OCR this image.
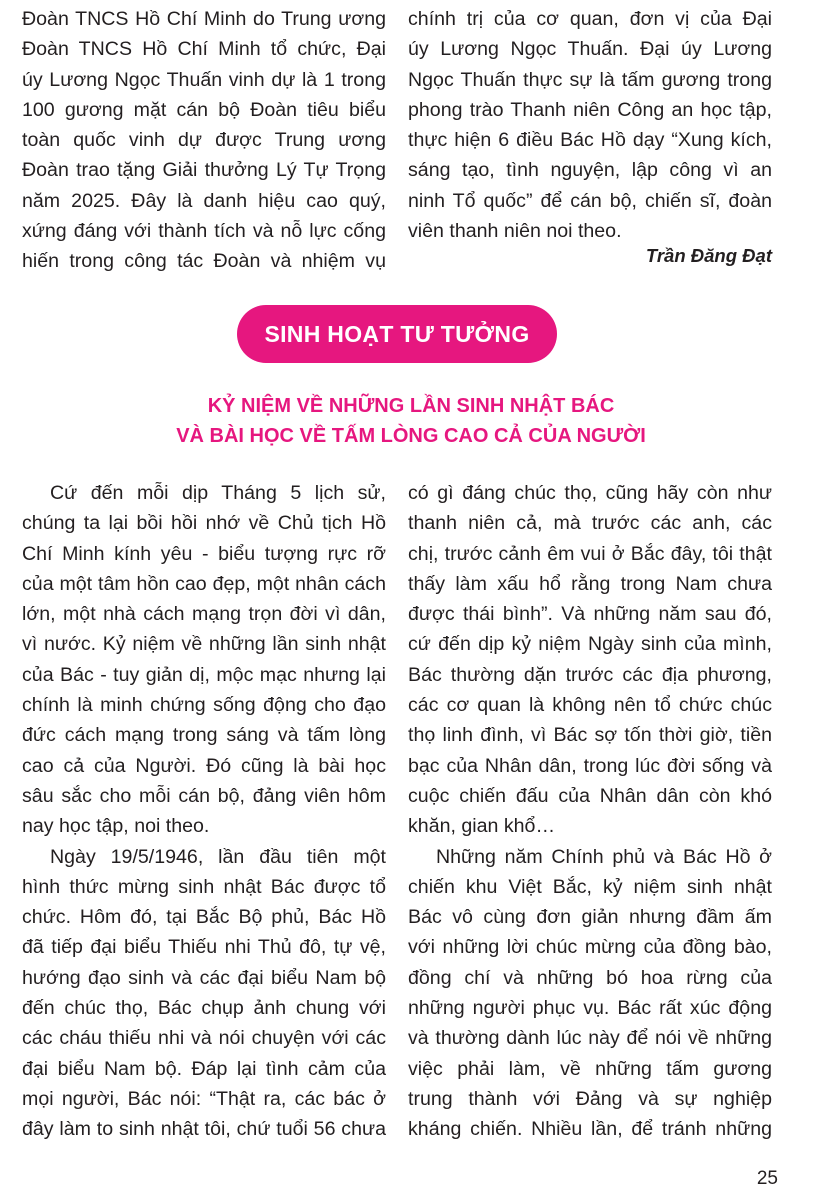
Đoàn TNCS Hồ Chí Minh do Trung ương

Đoàn TNCS Hồ Chí Minh tổ chức, Đại

úy Lương Ngọc Thuấn vinh dự là 1 trong

100 gương mặt cán bộ Đoàn tiêu biểu

toàn quốc vinh dự được Trung ương

Đoàn trao tặng Giải thưởng Lý Tự Trọng

năm 2025. Đây là danh hiệu cao quý,

xứng đáng với thành tích và nỗ lực cống

hiến trong công tác Đoàn và nhiệm vụ

chính trị của cơ quan, đơn vị của Đại

úy Lương Ngọc Thuấn. Đại úy Lương

Ngọc Thuấn thực sự là tấm gương trong

phong trào Thanh niên Công an học tập,

thực hiện 6 điều Bác Hồ dạy “Xung kích,

sáng tạo, tình nguyện, lập công vì an

ninh Tổ quốc” để cán bộ, chiến sĩ, đoàn

viên thanh niên noi theo.

Trần Đăng Đạt
SINH HOẠT TƯ TƯỞNG
KỶ NIỆM VỀ NHỮNG LẦN SINH NHẬT BÁC
VÀ BÀI HỌC VỀ TẤM LÒNG CAO CẢ CỦA NGƯỜI

Cứ đến mỗi dịp Tháng 5 lịch sử,

chúng ta lại bồi hồi nhớ về Chủ tịch Hồ

Chí Minh kính yêu - biểu tượng rực rỡ

của một tâm hồn cao đẹp, một nhân cách

lớn, một nhà cách mạng trọn đời vì dân,

vì nước. Kỷ niệm về những lần sinh nhật

của Bác - tuy giản dị, mộc mạc nhưng lại

chính là minh chứng sống động cho đạo

đức cách mạng trong sáng và tấm lòng

cao cả của Người. Đó cũng là bài học

sâu sắc cho mỗi cán bộ, đảng viên hôm

nay học tập, noi theo.

Ngày 19/5/1946, lần đầu tiên một

hình thức mừng sinh nhật Bác được tổ

chức. Hôm đó, tại Bắc Bộ phủ, Bác Hồ

đã tiếp đại biểu Thiếu nhi Thủ đô, tự vệ,

hướng đạo sinh và các đại biểu Nam bộ

đến chúc thọ, Bác chụp ảnh chung với

các cháu thiếu nhi và nói chuyện với các

đại biểu Nam bộ. Đáp lại tình cảm của

mọi người, Bác nói: “Thật ra, các bác ở

đây làm to sinh nhật tôi, chứ tuổi 56 chưa

có gì đáng chúc thọ, cũng hãy còn như

thanh niên cả, mà trước các anh, các

chị, trước cảnh êm vui ở Bắc đây, tôi thật

thấy làm xấu hổ rằng trong Nam chưa

được thái bình”. Và những năm sau đó,

cứ đến dịp kỷ niệm Ngày sinh của mình,

Bác thường dặn trước các địa phương,

các cơ quan là không nên tổ chức chúc

thọ linh đình, vì Bác sợ tốn thời giờ, tiền

bạc của Nhân dân, trong lúc đời sống và

cuộc chiến đấu của Nhân dân còn khó

khăn, gian khổ…

Những năm Chính phủ và Bác Hồ ở

chiến khu Việt Bắc, kỷ niệm sinh nhật

Bác vô cùng đơn giản nhưng đầm ấm

với những lời chúc mừng của đồng bào,

đồng chí và những bó hoa rừng của

những người phục vụ. Bác rất xúc động

và thường dành lúc này để nói về những

việc phải làm, về những tấm gương

trung thành với Đảng và sự nghiệp

kháng chiến. Nhiều lần, để tránh những

25
